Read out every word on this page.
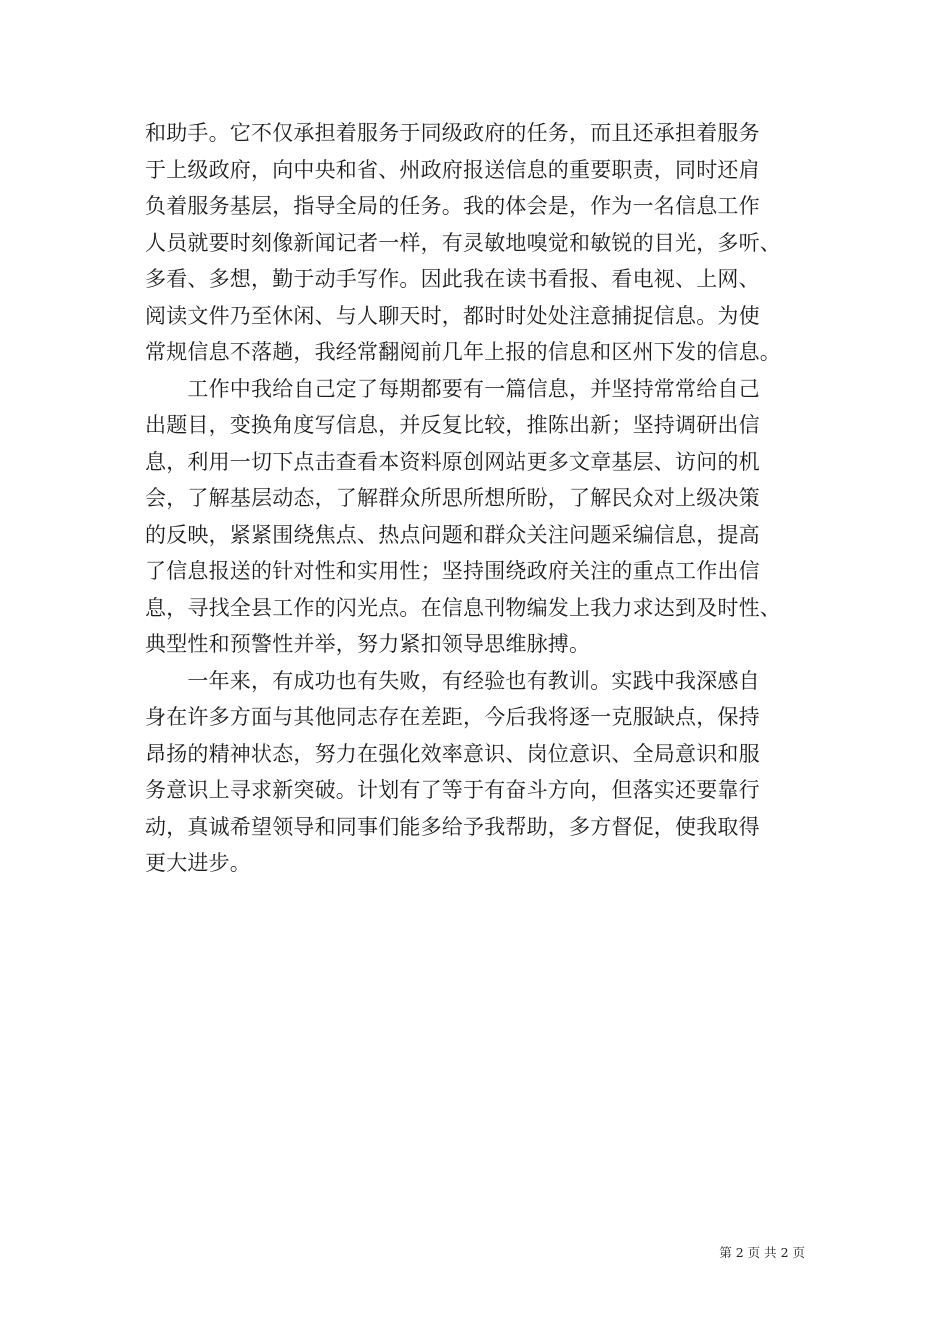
和助手。它不仅承担着服务于同级政府的任务，而且还承担着服务
于上级政府，向中央和省、州政府报送信息的重要职责，同时还肩
负着服务基层，指导全局的任务。我的体会是，作为一名信息工作
人员就要时刻像新闻记者一样，有灵敏地嗅觉和敏锐的目光，多听、
多看、多想，勤于动手写作。因此我在读书看报、看电视、上网、
阅读文件乃至休闲、与人聊天时，都时时处处注意捕捉信息。为使
常规信息不落趟，我经常翻阅前几年上报的信息和区州下发的信息。
　　工作中我给自己定了每期都要有一篇信息，并坚持常常给自己
出题目，变换角度写信息，并反复比较，推陈出新；坚持调研出信
息，利用一切下点击查看本资料原创网站更多文章基层、访问的机
会，了解基层动态，了解群众所思所想所盼，了解民众对上级决策
的反映，紧紧围绕焦点、热点问题和群众关注问题采编信息，提高
了信息报送的针对性和实用性；坚持围绕政府关注的重点工作出信
息，寻找全县工作的闪光点。在信息刊物编发上我力求达到及时性、
典型性和预警性并举，努力紧扣领导思维脉搏。
　　一年来，有成功也有失败，有经验也有教训。实践中我深感自
身在许多方面与其他同志存在差距，今后我将逐一克服缺点，保持
昂扬的精神状态，努力在强化效率意识、岗位意识、全局意识和服
务意识上寻求新突破。计划有了等于有奋斗方向，但落实还要靠行
动，真诚希望领导和同事们能多给予我帮助，多方督促，使我取得
更大进步。
第 2 页 共 2 页
